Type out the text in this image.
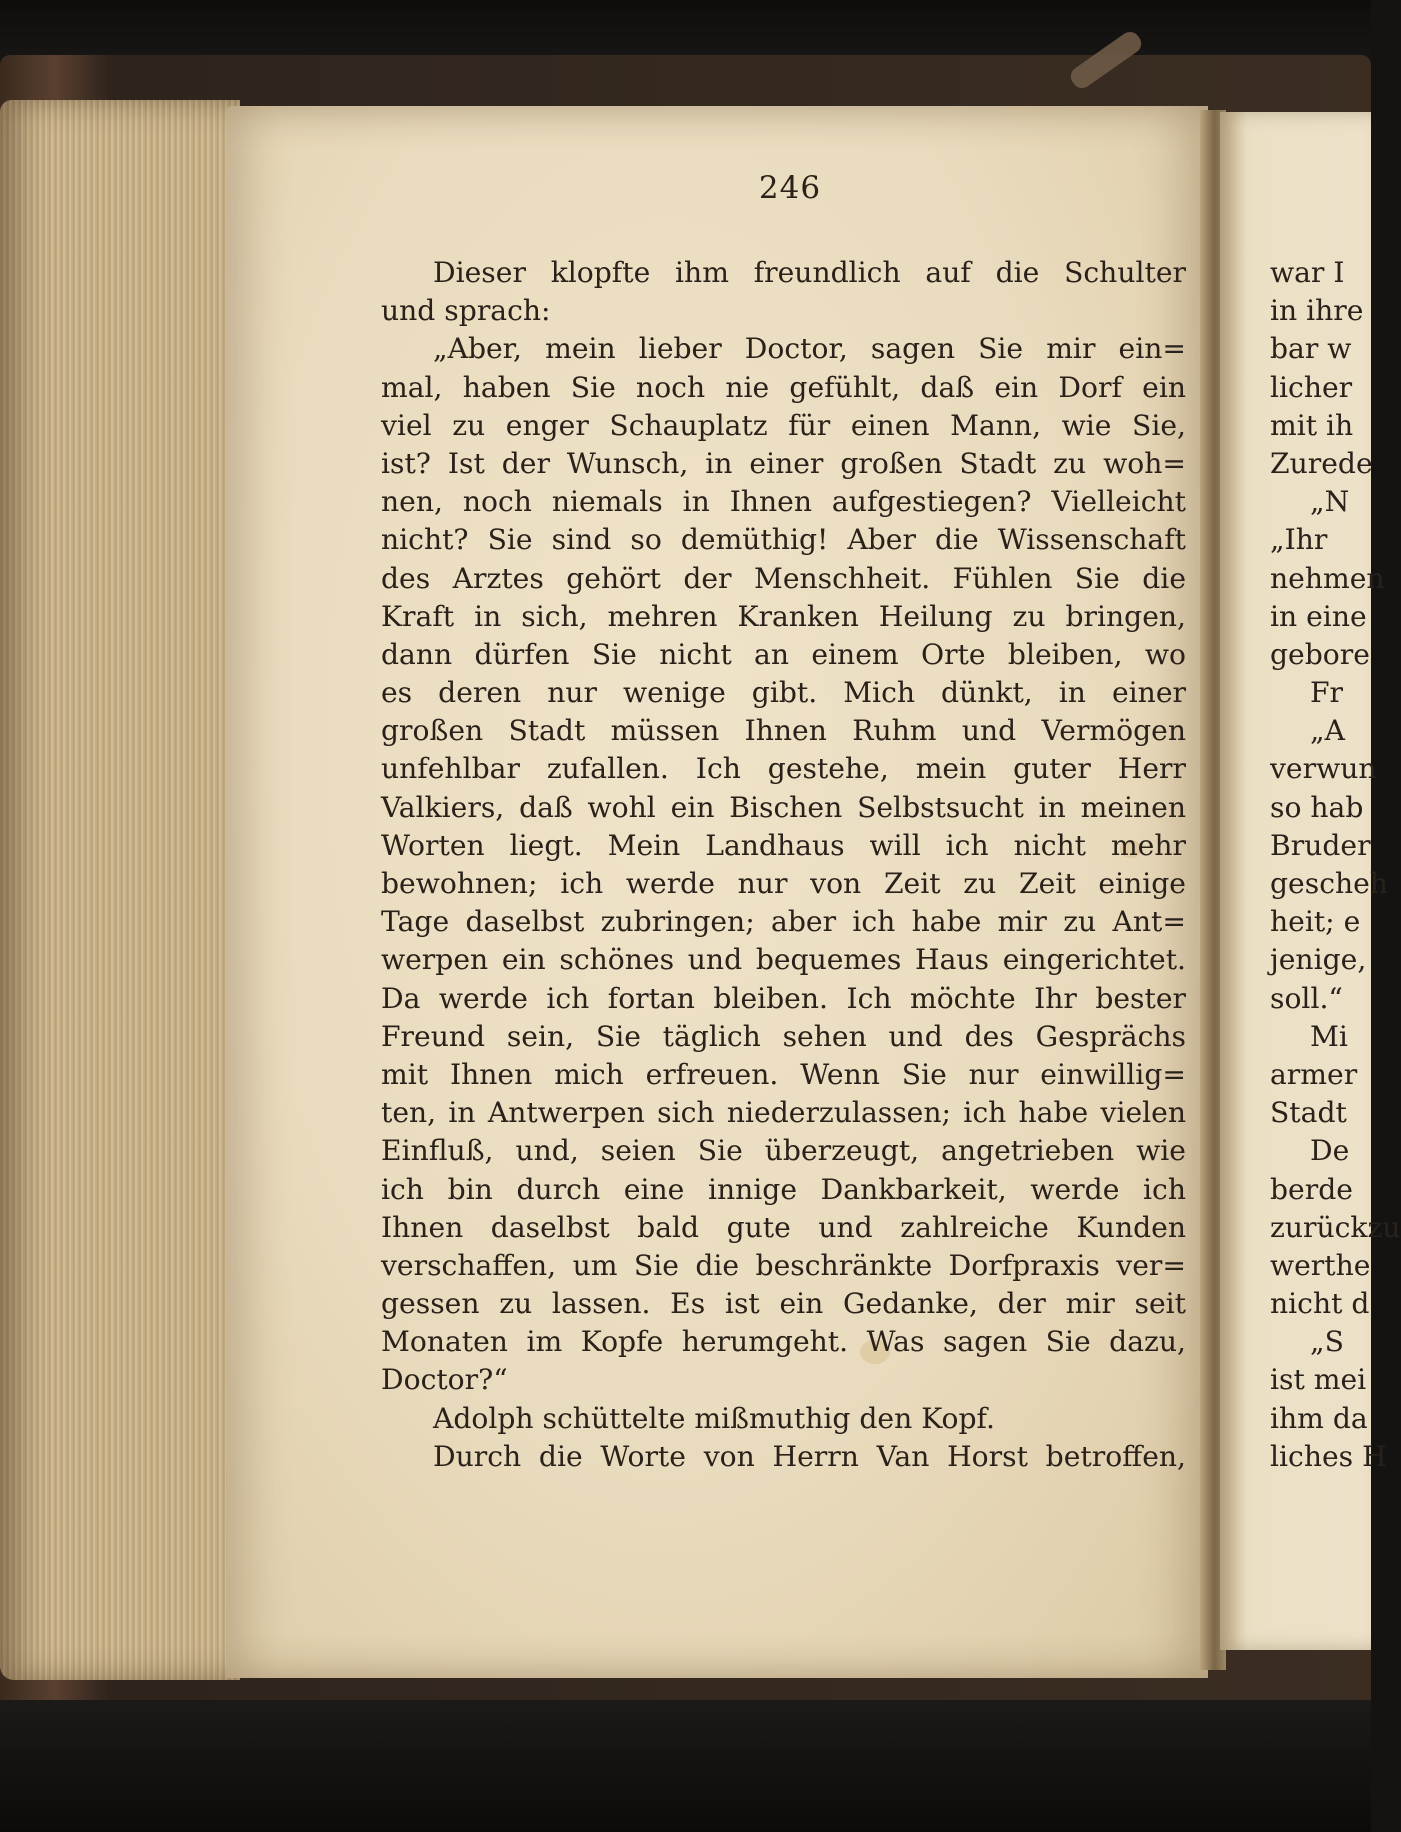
246
Dieser klopfte ihm freundlich auf die Schulter
und sprach:
„Aber, mein lieber Doctor, sagen Sie mir ein=
mal, haben Sie noch nie gefühlt, daß ein Dorf ein
viel zu enger Schauplatz für einen Mann, wie Sie,
ist? Ist der Wunsch, in einer großen Stadt zu woh=
nen, noch niemals in Ihnen aufgestiegen? Vielleicht
nicht? Sie sind so demüthig! Aber die Wissenschaft
des Arztes gehört der Menschheit. Fühlen Sie die
Kraft in sich, mehren Kranken Heilung zu bringen,
dann dürfen Sie nicht an einem Orte bleiben, wo
es deren nur wenige gibt. Mich dünkt, in einer
großen Stadt müssen Ihnen Ruhm und Vermögen
unfehlbar zufallen. Ich gestehe, mein guter Herr
Valkiers, daß wohl ein Bischen Selbstsucht in meinen
Worten liegt. Mein Landhaus will ich nicht mehr
bewohnen; ich werde nur von Zeit zu Zeit einige
Tage daselbst zubringen; aber ich habe mir zu Ant=
werpen ein schönes und bequemes Haus eingerichtet.
Da werde ich fortan bleiben. Ich möchte Ihr bester
Freund sein, Sie täglich sehen und des Gesprächs
mit Ihnen mich erfreuen. Wenn Sie nur einwillig=
ten, in Antwerpen sich niederzulassen; ich habe vielen
Einfluß, und, seien Sie überzeugt, angetrieben wie
ich bin durch eine innige Dankbarkeit, werde ich
Ihnen daselbst bald gute und zahlreiche Kunden
verschaffen, um Sie die beschränkte Dorfpraxis ver=
gessen zu lassen. Es ist ein Gedanke, der mir seit
Monaten im Kopfe herumgeht. Was sagen Sie dazu,
Doctor?“
Adolph schüttelte mißmuthig den Kopf.
Durch die Worte von Herrn Van Horst betroffen,
war I
in ihre
bar w
licher
mit ih
Zurede
„N
„Ihr
nehmen
in eine
gebore
Fr
„A
verwun
so hab
Bruder
gescheh
heit; e
jenige,
soll.“
Mi
armer
Stadt
De
berde
zurückzu
werthe
nicht d
„S
ist mei
ihm da
liches H
